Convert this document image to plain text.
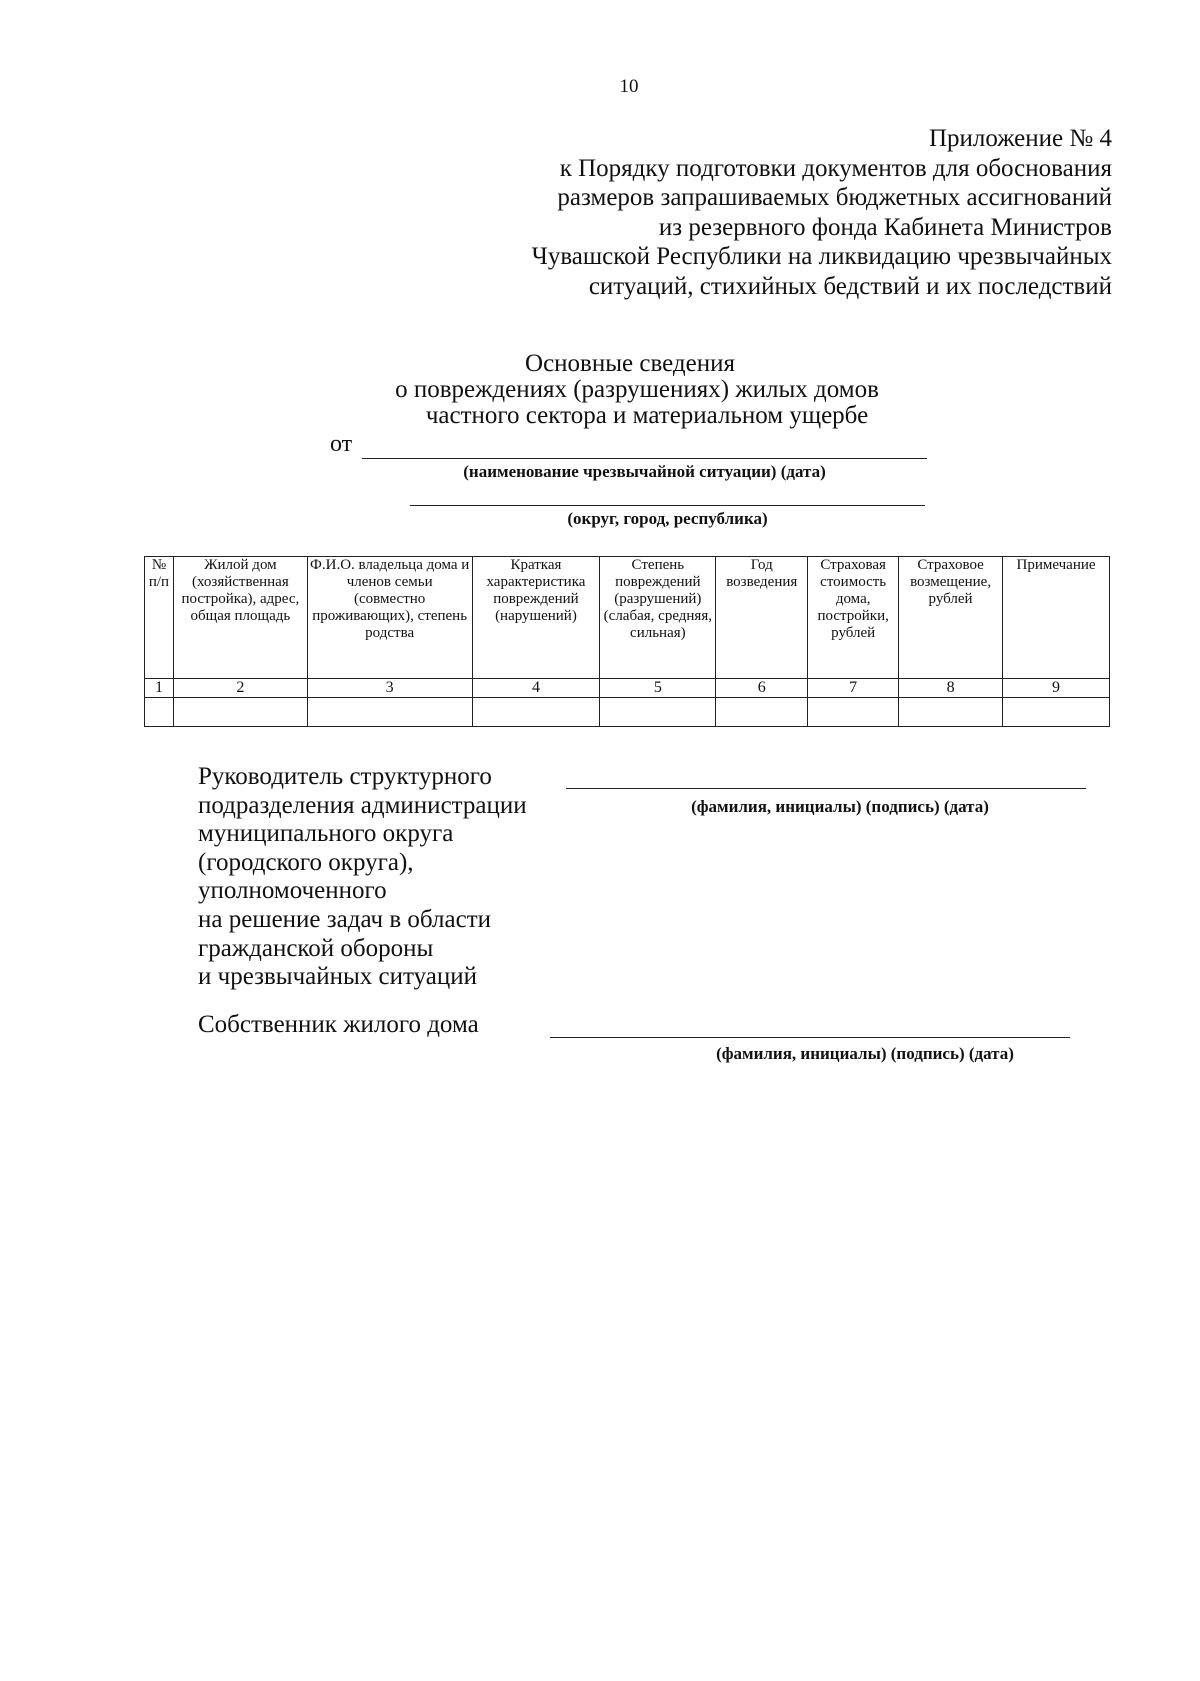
10
Приложение № 4
к Порядку подготовки документов для обоснования
размеров запрашиваемых бюджетных ассигнований
из резервного фонда Кабинета Министров
Чувашской Республики на ликвидацию чрезвычайных
ситуаций, стихийных бедствий и их последствий
Основные сведения
о повреждениях (разрушениях) жилых домов
частного сектора и материальном ущербе
от
(наименование чрезвычайной ситуации) (дата)
(округ, город, республика)
№ п/п	Жилой дом (хозяйственная постройка), адрес, общая площадь	Ф.И.О. владельца дома и членов семьи (совместно проживающих), степень родства	Краткая характеристика повреждений (нарушений)	Степень повреждений (разрушений) (слабая, средняя, сильная)	Год возведения	Страховая стоимость дома, постройки, рублей	Страховое возмещение, рублей	Примечание
1	2	3	4	5	6	7	8	9

Руководитель структурного
подразделения администрации
муниципального округа
(городского округа),
уполномоченного
на решение задач в области
гражданской обороны
и чрезвычайных ситуаций
(фамилия, инициалы) (подпись) (дата)
Собственник жилого дома
(фамилия, инициалы) (подпись) (дата)
